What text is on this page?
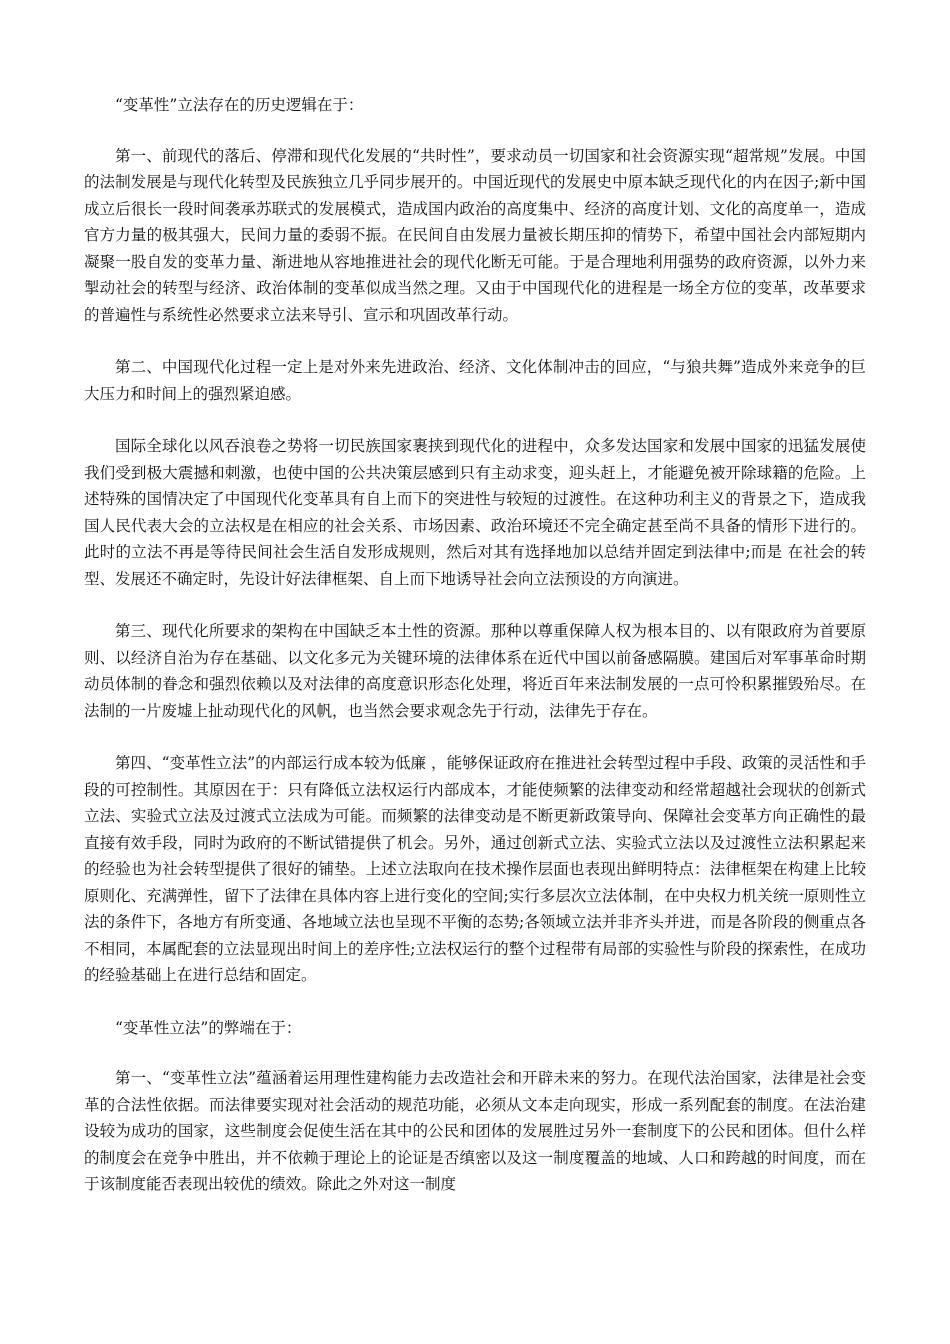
“变革性”立法存在的历史逻辑在于：

第一、前现代的落后、停滞和现代化发展的“共时性”，要求动员一切国家和社会资源实现“超常规”发展。中国的法制发展是与现代化转型及民族独立几乎同步展开的。中国近现代的发展史中原本缺乏现代化的内在因子;新中国成立后很长一段时间袭承苏联式的发展模式，造成国内政治的高度集中、经济的高度计划、文化的高度单一，造成官方力量的极其强大，民间力量的委弱不振。在民间自由发展力量被长期压抑的情势下，希望中国社会内部短期内凝聚一股自发的变革力量、渐进地从容地推进社会的现代化断无可能。于是合理地利用强势的政府资源，以外力来掣动社会的转型与经济、政治体制的变革似成当然之理。又由于中国现代化的进程是一场全方位的变革，改革要求的普遍性与系统性必然要求立法来导引、宣示和巩固改革行动。

第二、中国现代化过程一定上是对外来先进政治、经济、文化体制冲击的回应，“与狼共舞”造成外来竞争的巨大压力和时间上的强烈紧迫感。

国际全球化以风吞浪卷之势将一切民族国家裹挟到现代化的进程中，众多发达国家和发展中国家的迅猛发展使我们受到极大震撼和刺激，也使中国的公共决策层感到只有主动求变，迎头赶上，才能避免被开除球籍的危险。上述特殊的国情决定了中国现代化变革具有自上而下的突进性与较短的过渡性。在这种功利主义的背景之下，造成我国人民代表大会的立法权是在相应的社会关系、市场因素、政治环境还不完全确定甚至尚不具备的情形下进行的。此时的立法不再是等待民间社会生活自发形成规则，然后对其有选择地加以总结并固定到法律中;而是 在社会的转型、发展还不确定时，先设计好法律框架、自上而下地诱导社会向立法预设的方向演进。

第三、现代化所要求的架构在中国缺乏本土性的资源。那种以尊重保障人权为根本目的、以有限政府为首要原则、以经济自治为存在基础、以文化多元为关键环境的法律体系在近代中国以前备感隔膜。建国后对军事革命时期动员体制的眷念和强烈依赖以及对法律的高度意识形态化处理，将近百年来法制发展的一点可怜积累摧毁殆尽。在法制的一片废墟上扯动现代化的风帆，也当然会要求观念先于行动，法律先于存在。

第四、“变革性立法”的内部运行成本较为低廉 ，能够保证政府在推进社会转型过程中手段、政策的灵活性和手段的可控制性。其原因在于：只有降低立法权运行内部成本，才能使频繁的法律变动和经常超越社会现状的创新式立法、实验式立法及过渡式立法成为可能。而频繁的法律变动是不断更新政策导向、保障社会变革方向正确性的最直接有效手段，同时为政府的不断试错提供了机会。另外，通过创新式立法、实验式立法以及过渡性立法积累起来的经验也为社会转型提供了很好的铺垫。上述立法取向在技术操作层面也表现出鲜明特点：法律框架在构建上比较原则化、充满弹性，留下了法律在具体内容上进行变化的空间;实行多层次立法体制，在中央权力机关统一原则性立法的条件下，各地方有所变通、各地域立法也呈现不平衡的态势;各领域立法并非齐头并进，而是各阶段的侧重点各不相同，本属配套的立法显现出时间上的差序性;立法权运行的整个过程带有局部的实验性与阶段的探索性，在成功的经验基础上在进行总结和固定。

“变革性立法”的弊端在于：

第一、“变革性立法”蕴涵着运用理性建构能力去改造社会和开辟未来的努力。在现代法治国家，法律是社会变革的合法性依据。而法律要实现对社会活动的规范功能，必须从文本走向现实，形成一系列配套的制度。在法治建设较为成功的国家，这些制度会促使生活在其中的公民和团体的发展胜过另外一套制度下的公民和团体。但什么样的制度会在竞争中胜出，并不依赖于理论上的论证是否缜密以及这一制度覆盖的地域、人口和跨越的时间度，而在于该制度能否表现出较优的绩效。除此之外对这一制度
